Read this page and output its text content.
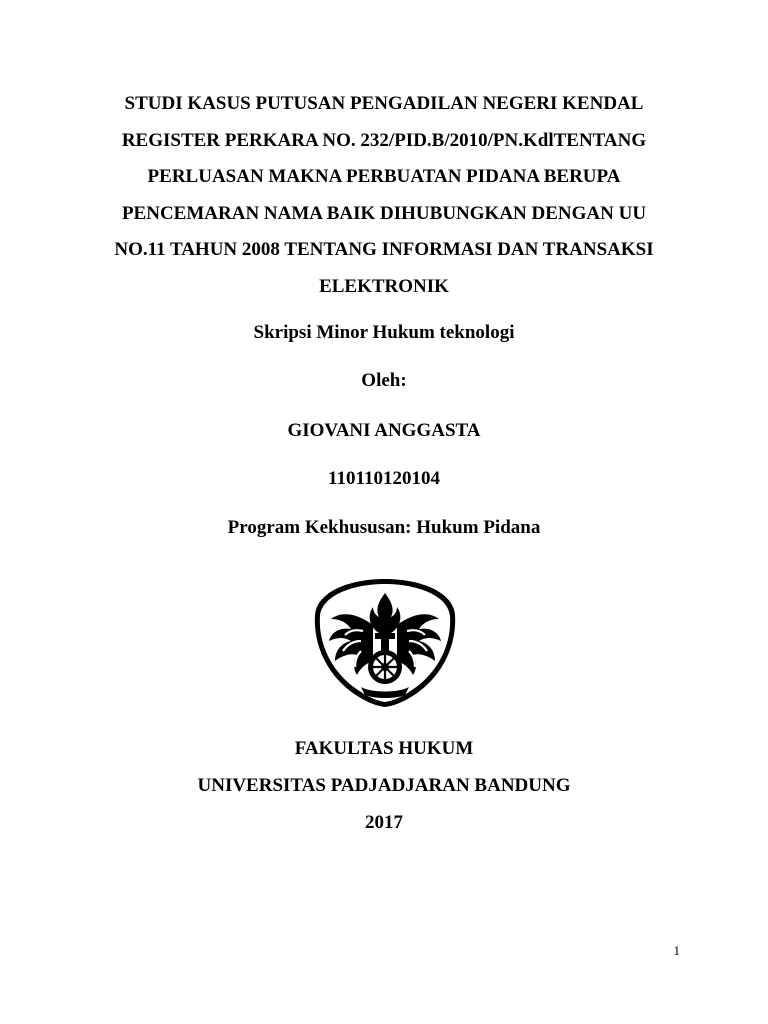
STUDI KASUS PUTUSAN PENGADILAN NEGERI KENDAL
REGISTER PERKARA NO. 232/PID.B/2010/PN.KdlTENTANG
PERLUASAN MAKNA PERBUATAN PIDANA BERUPA
PENCEMARAN NAMA BAIK DIHUBUNGKAN DENGAN UU
NO.11 TAHUN 2008 TENTANG INFORMASI DAN TRANSAKSI
ELEKTRONIK
Skripsi Minor Hukum teknologi
Oleh:
GIOVANI ANGGASTA
110110120104
Program Kekhususan: Hukum Pidana
FAKULTAS HUKUM
UNIVERSITAS PADJADJARAN BANDUNG
2017
1
